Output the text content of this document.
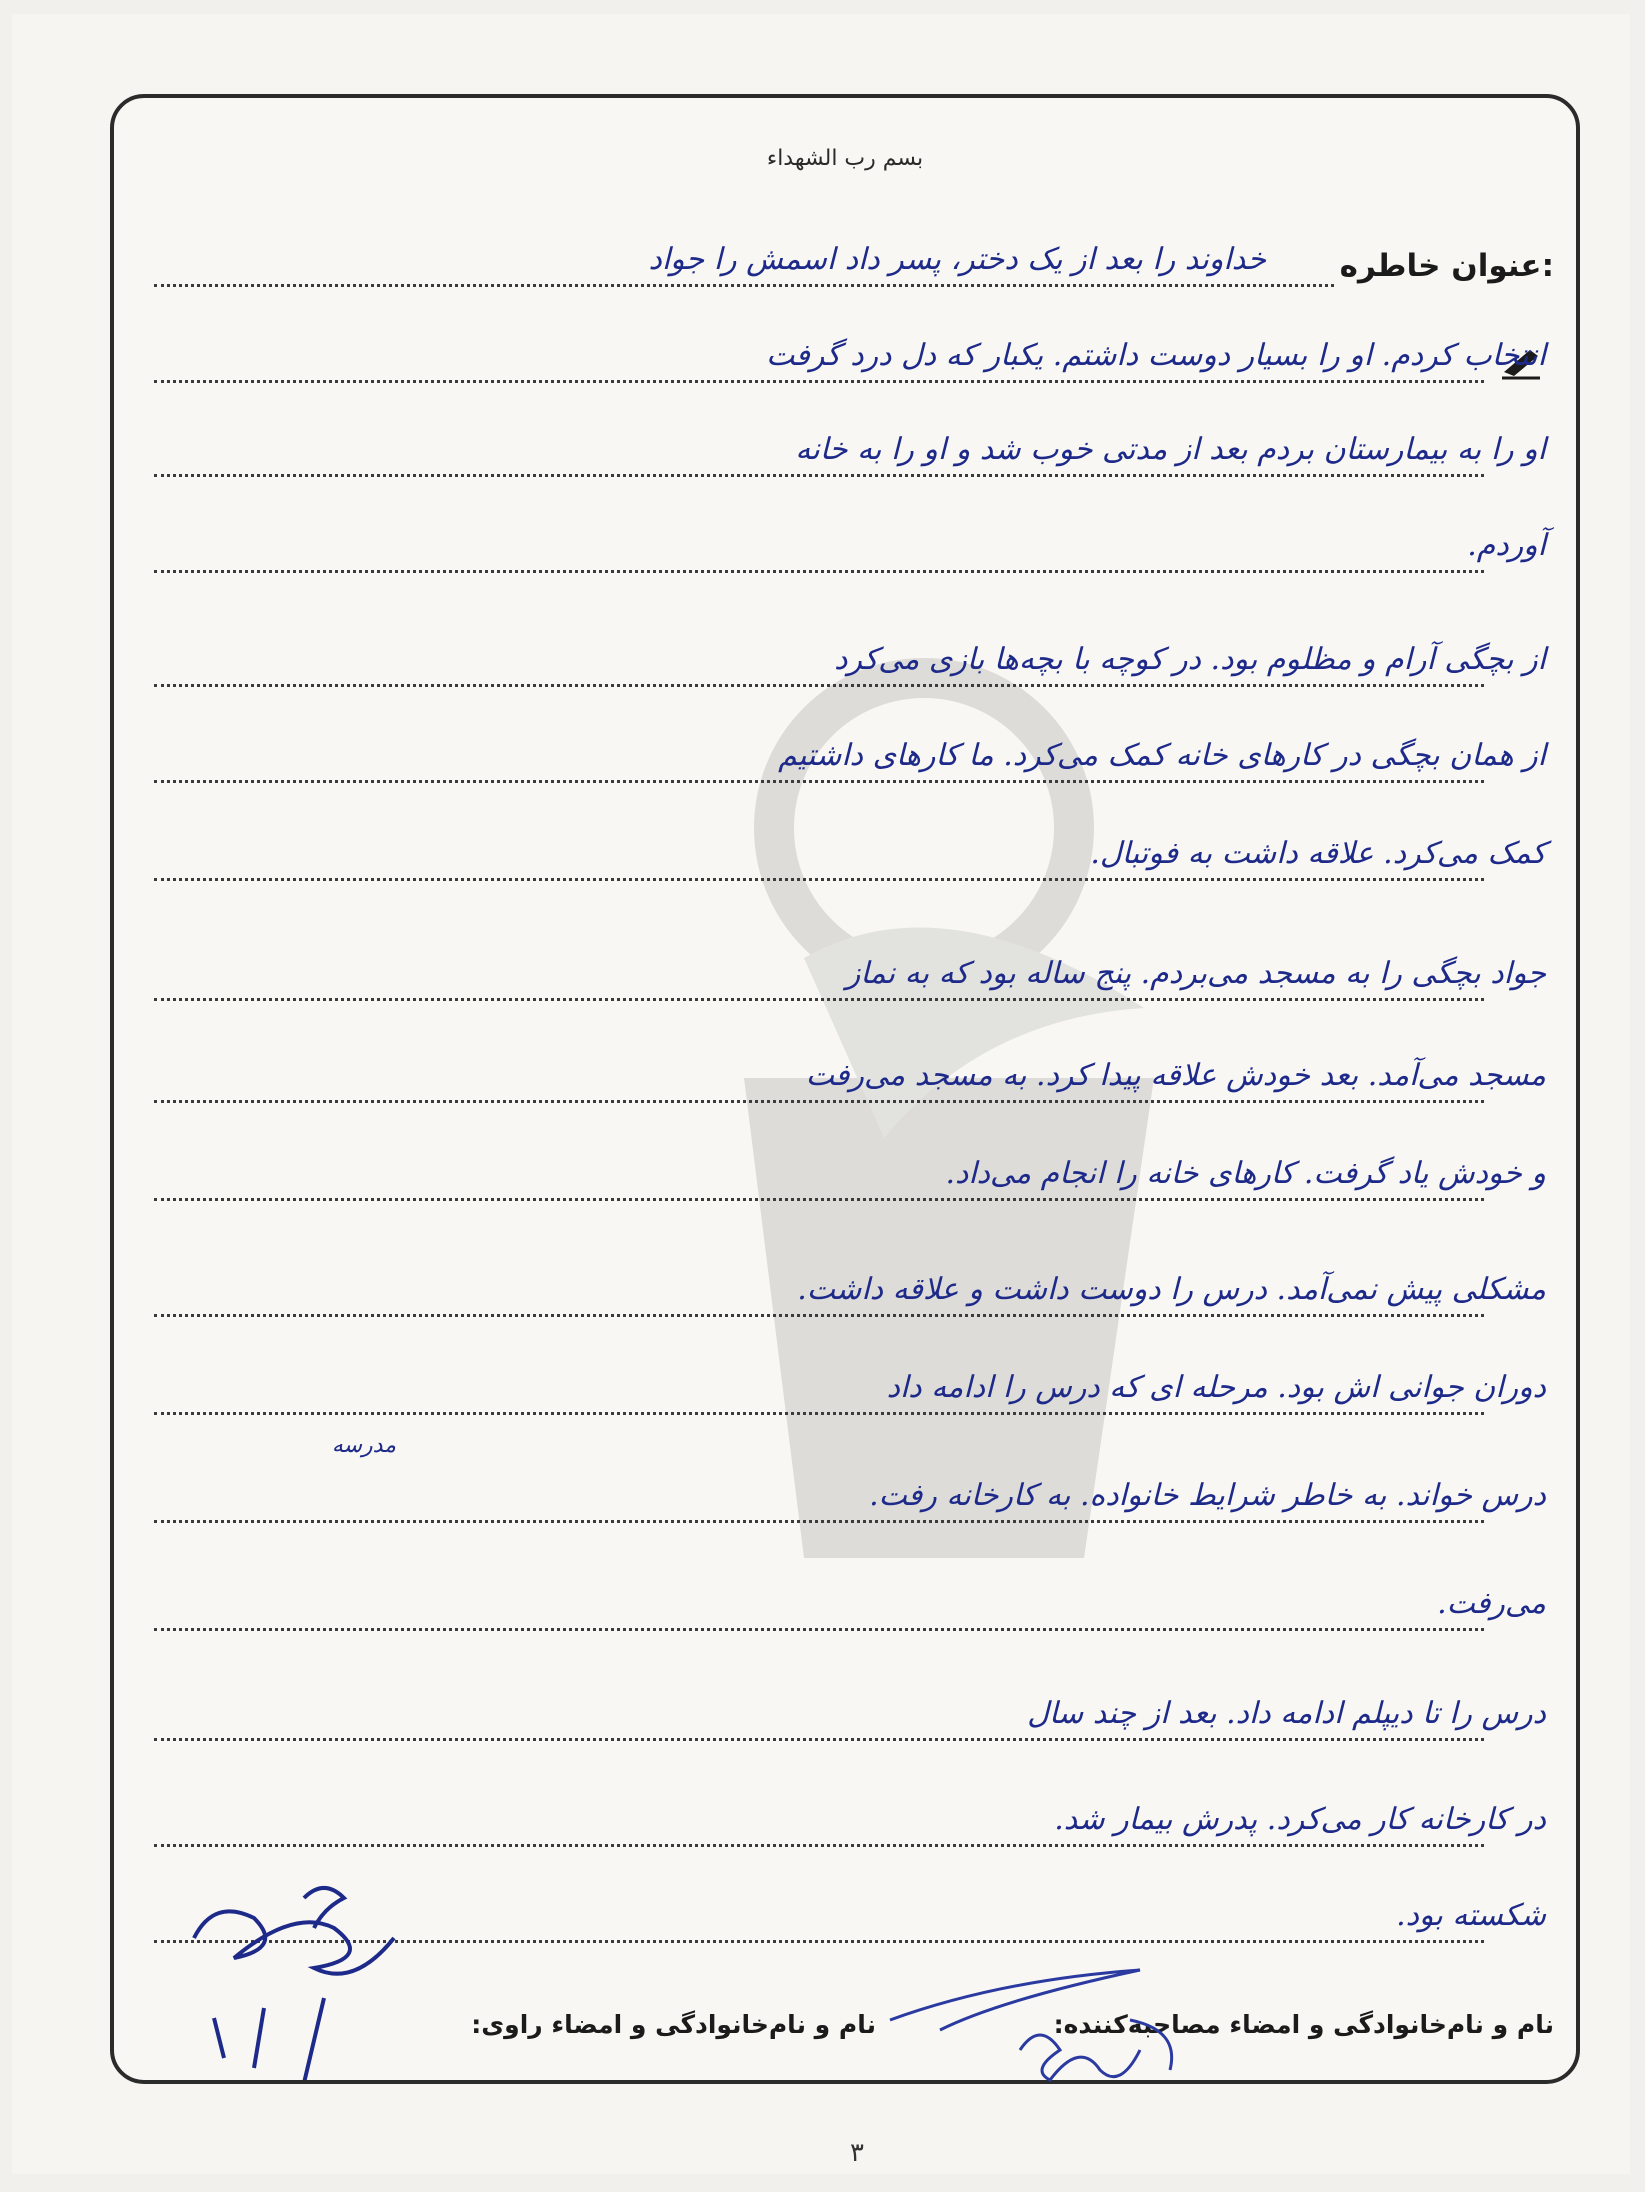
بسم رب الشهداء
عنوان خاطره:
خداوند را بعد از یک دختر، پسر داد اسمش را جواد
انتخاب کردم. او را بسیار دوست داشتم. یکبار که دل درد گرفت
او را به بیمارستان بردم بعد از مدتی خوب شد و او را به خانه
آوردم.
از بچگی آرام و مظلوم بود. در کوچه با بچه‌ها بازی می‌کرد
از همان بچگی در کارهای خانه کمک می‌کرد. ما کارهای داشتیم
کمک می‌کرد. علاقه داشت به فوتبال.
جواد بچگی را به مسجد می‌بردم. پنج ساله بود که به نماز
مسجد می‌آمد. بعد خودش علاقه پیدا کرد. به مسجد می‌رفت
و خودش یاد گرفت. کارهای خانه را انجام می‌داد.
مشکلی پیش نمی‌آمد. درس را دوست داشت و علاقه داشت.
دوران جوانی اش بود. مرحله ای که درس را ادامه داد
درس خواند. به خاطر شرایط خانواده. به کارخانه رفت.
می‌رفت.
درس را تا دیپلم ادامه داد. بعد از چند سال
در کارخانه کار می‌کرد. پدرش بیمار شد.
شکسته بود.
مدرسه
نام و نام‌خانوادگی و امضاء مصاحبه‌کننده:
نام و نام‌خانوادگی و امضاء راوی:
۳
